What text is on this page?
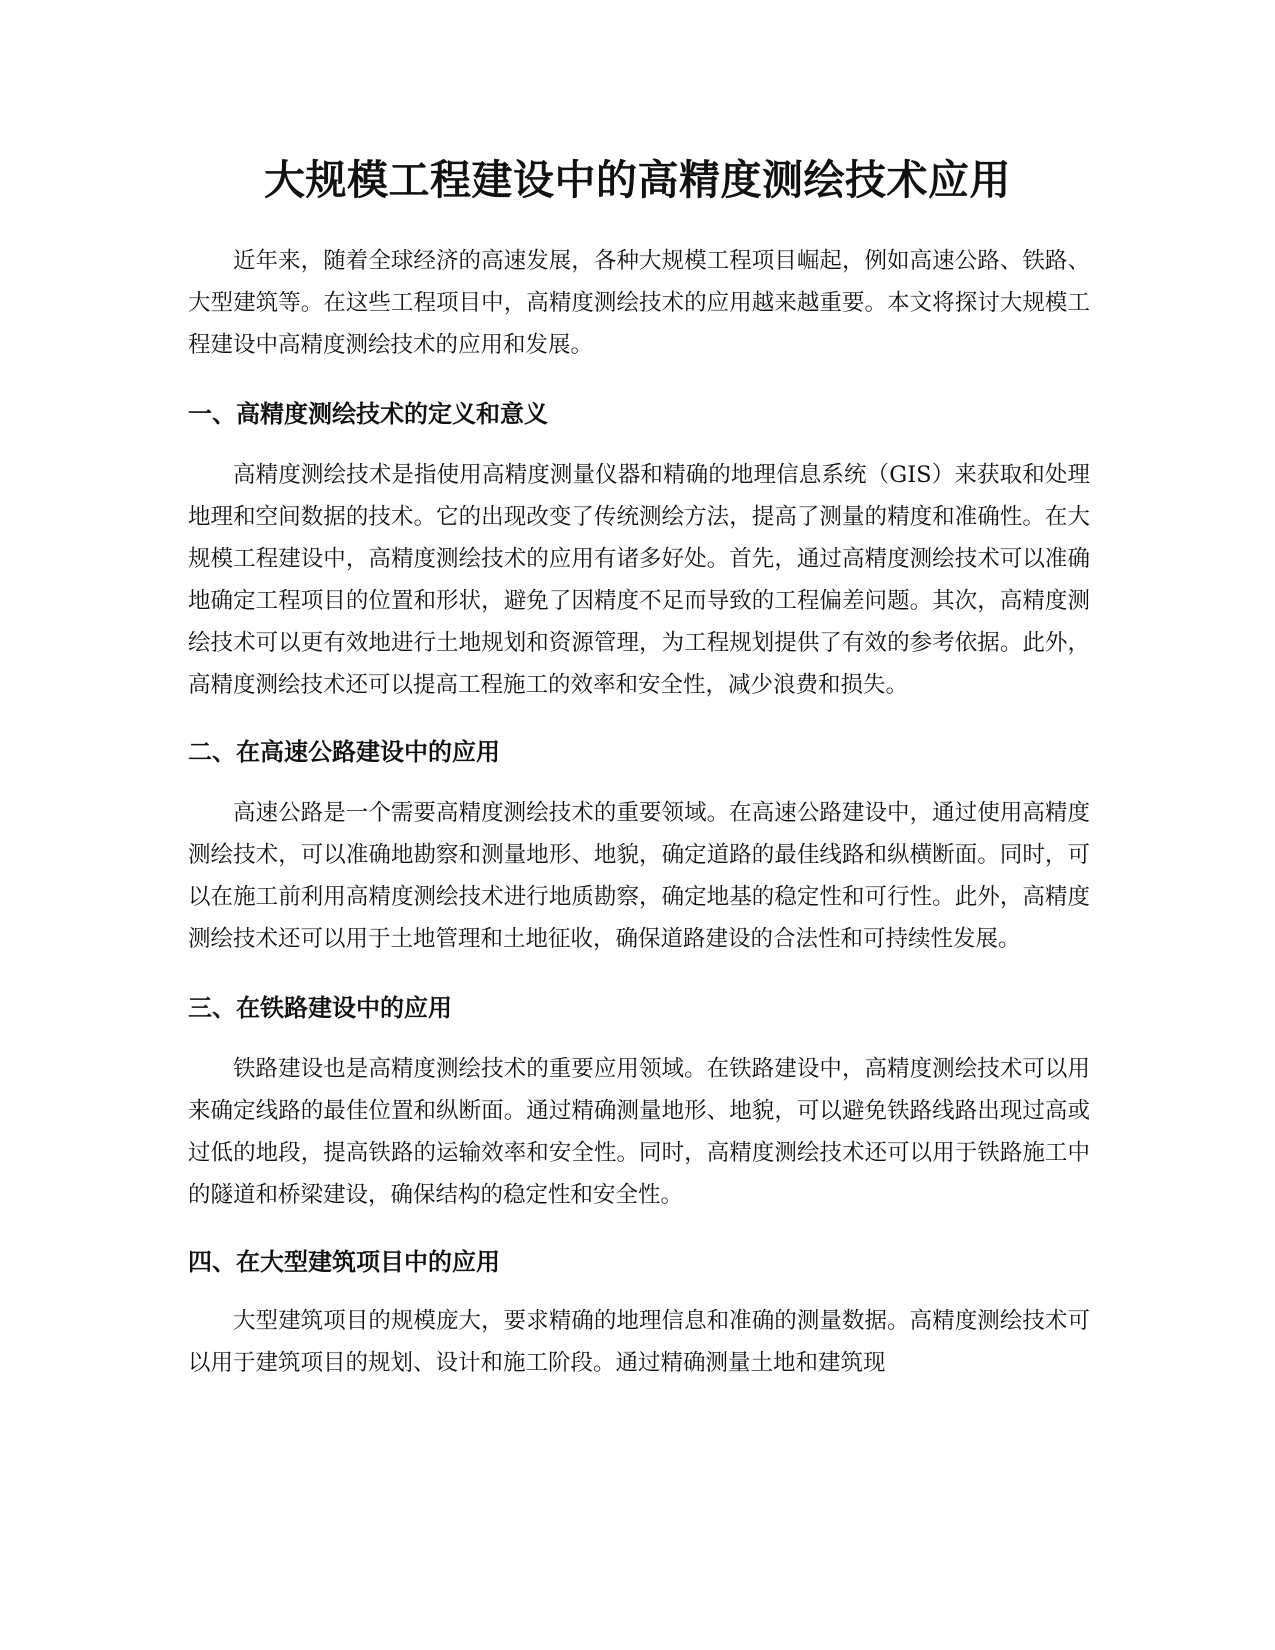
大规模工程建设中的高精度测绘技术应用

近年来，随着全球经济的高速发展，各种大规模工程项目崛起，例如高速公路、铁路、大型建筑等。在这些工程项目中，高精度测绘技术的应用越来越重要。本文将探讨大规模工程建设中高精度测绘技术的应用和发展。

一、高精度测绘技术的定义和意义

高精度测绘技术是指使用高精度测量仪器和精确的地理信息系统（GIS）来获取和处理地理和空间数据的技术。它的出现改变了传统测绘方法，提高了测量的精度和准确性。在大规模工程建设中，高精度测绘技术的应用有诸多好处。首先，通过高精度测绘技术可以准确地确定工程项目的位置和形状，避免了因精度不足而导致的工程偏差问题。其次，高精度测绘技术可以更有效地进行土地规划和资源管理，为工程规划提供了有效的参考依据。此外，高精度测绘技术还可以提高工程施工的效率和安全性，减少浪费和损失。

二、在高速公路建设中的应用

高速公路是一个需要高精度测绘技术的重要领域。在高速公路建设中，通过使用高精度测绘技术，可以准确地勘察和测量地形、地貌，确定道路的最佳线路和纵横断面。同时，可以在施工前利用高精度测绘技术进行地质勘察，确定地基的稳定性和可行性。此外，高精度测绘技术还可以用于土地管理和土地征收，确保道路建设的合法性和可持续性发展。

三、在铁路建设中的应用

铁路建设也是高精度测绘技术的重要应用领域。在铁路建设中，高精度测绘技术可以用来确定线路的最佳位置和纵断面。通过精确测量地形、地貌，可以避免铁路线路出现过高或过低的地段，提高铁路的运输效率和安全性。同时，高精度测绘技术还可以用于铁路施工中的隧道和桥梁建设，确保结构的稳定性和安全性。

四、在大型建筑项目中的应用

大型建筑项目的规模庞大，要求精确的地理信息和准确的测量数据。高精度测绘技术可以用于建筑项目的规划、设计和施工阶段。通过精确测量土地和建筑现
